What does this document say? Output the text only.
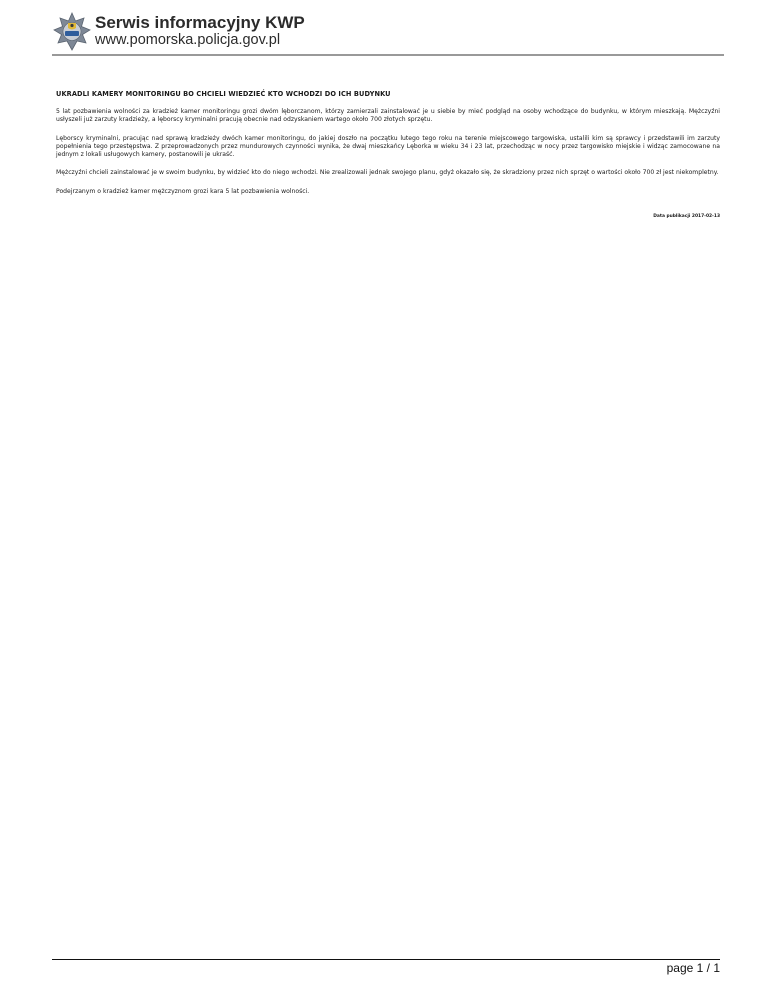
Serwis informacyjny KWP
www.pomorska.policja.gov.pl
UKRADLI KAMERY MONITORINGU BO CHCIELI WIEDZIEĆ KTO WCHODZI DO ICH BUDYNKU

5 lat pozbawienia wolności za kradzież kamer monitoringu grozi dwóm lęborczanom, którzy zamierzali zainstalować je u siebie by mieć podgląd na osoby wchodzące do budynku, w którym mieszkają. Mężczyźni usłyszeli już zarzuty kradzieży, a lęborscy kryminalni pracują obecnie nad odzyskaniem wartego około 700 złotych sprzętu.

Lęborscy kryminalni, pracując nad sprawą kradzieży dwóch kamer monitoringu, do jakiej doszło na początku lutego tego roku na terenie miejscowego targowiska, ustalili kim są sprawcy i przedstawili im zarzuty popełnienia tego przestępstwa. Z przeprowadzonych przez mundurowych czynności wynika, że dwaj mieszkańcy Lęborka w wieku 34 i 23 lat, przechodząc w nocy przez targowisko miejskie i widząc zamocowane na jednym z lokali usługowych kamery, postanowili je ukraść.

Mężczyźni chcieli zainstalować je w swoim budynku, by widzieć kto do niego wchodzi. Nie zrealizowali jednak swojego planu, gdyż okazało się, że skradziony przez nich sprzęt o wartości około 700 zł jest niekompletny.

Podejrzanym o kradzież kamer mężczyznom grozi kara 5 lat pozbawienia wolności.

Data publikacji 2017-02-13
page 1 / 1
